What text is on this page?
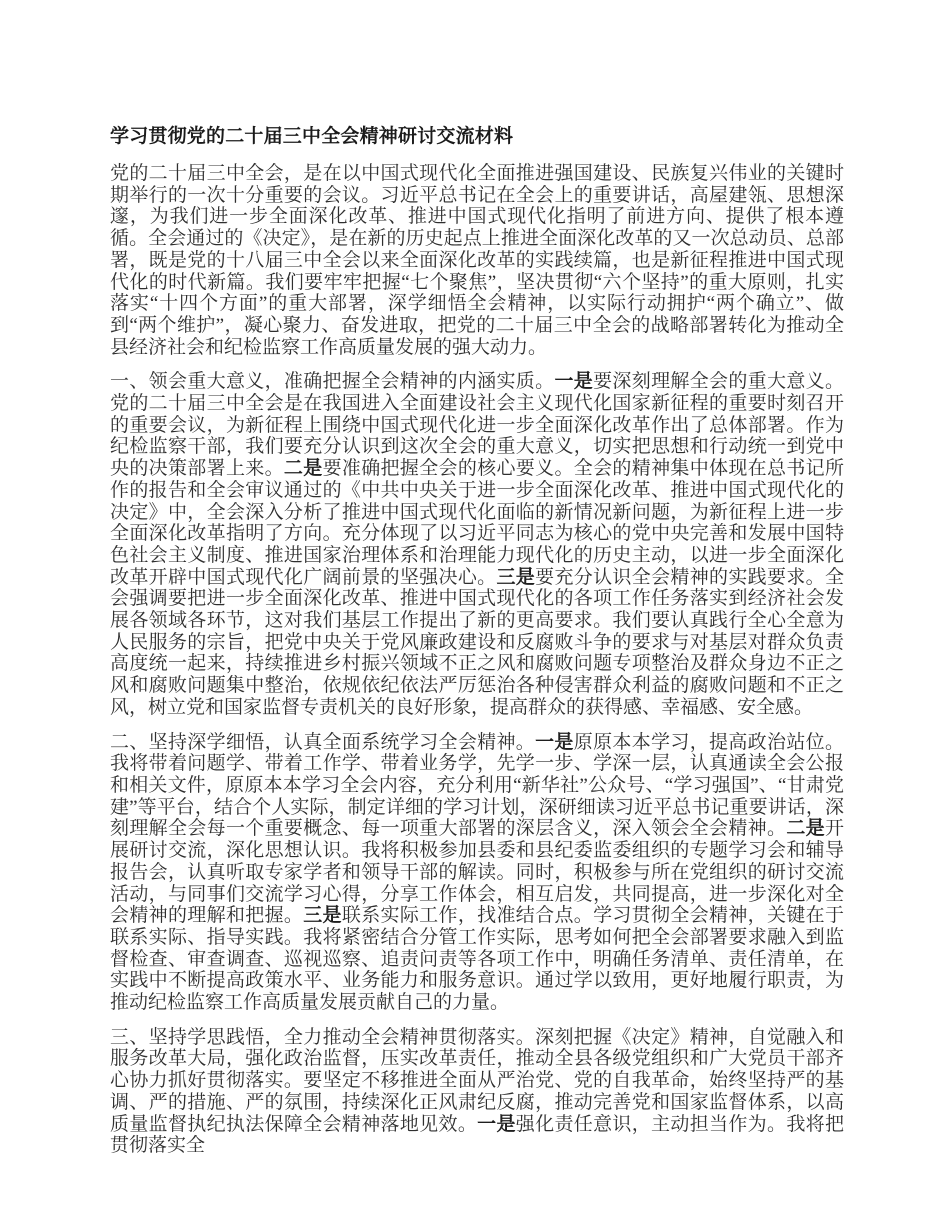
学习贯彻党的二十届三中全会精神研讨交流材料

党的二十届三中全会，是在以中国式现代化全面推进强国建设、民族复兴伟业的关键时期举行的一次十分重要的会议。习近平总书记在全会上的重要讲话，高屋建瓴、思想深邃，为我们进一步全面深化改革、推进中国式现代化指明了前进方向、提供了根本遵循。全会通过的《决定》，是在新的历史起点上推进全面深化改革的又一次总动员、总部署，既是党的十八届三中全会以来全面深化改革的实践续篇，也是新征程推进中国式现代化的时代新篇。我们要牢牢把握“七个聚焦”，坚决贯彻“六个坚持”的重大原则，扎实落实“十四个方面”的重大部署，深学细悟全会精神，以实际行动拥护“两个确立”、做到“两个维护”，凝心聚力、奋发进取，把党的二十届三中全会的战略部署转化为推动全县经济社会和纪检监察工作高质量发展的强大动力。

一、领会重大意义，准确把握全会精神的内涵实质。一是要深刻理解全会的重大意义。党的二十届三中全会是在我国进入全面建设社会主义现代化国家新征程的重要时刻召开的重要会议，为新征程上围绕中国式现代化进一步全面深化改革作出了总体部署。作为纪检监察干部，我们要充分认识到这次全会的重大意义，切实把思想和行动统一到党中央的决策部署上来。二是要准确把握全会的核心要义。全会的精神集中体现在总书记所作的报告和全会审议通过的《中共中央关于进一步全面深化改革、推进中国式现代化的决定》中，全会深入分析了推进中国式现代化面临的新情况新问题，为新征程上进一步全面深化改革指明了方向。充分体现了以习近平同志为核心的党中央完善和发展中国特色社会主义制度、推进国家治理体系和治理能力现代化的历史主动，以进一步全面深化改革开辟中国式现代化广阔前景的坚强决心。三是要充分认识全会精神的实践要求。全会强调要把进一步全面深化改革、推进中国式现代化的各项工作任务落实到经济社会发展各领域各环节，这对我们基层工作提出了新的更高要求。我们要认真践行全心全意为人民服务的宗旨，把党中央关于党风廉政建设和反腐败斗争的要求与对基层对群众负责高度统一起来，持续推进乡村振兴领域不正之风和腐败问题专项整治及群众身边不正之风和腐败问题集中整治，依规依纪依法严厉惩治各种侵害群众利益的腐败问题和不正之风，树立党和国家监督专责机关的良好形象，提高群众的获得感、幸福感、安全感。

二、坚持深学细悟，认真全面系统学习全会精神。一是原原本本学习，提高政治站位。我将带着问题学、带着工作学、带着业务学，先学一步、学深一层，认真通读全会公报和相关文件，原原本本学习全会内容，充分利用“新华社”公众号、“学习强国”、“甘肃党建”等平台，结合个人实际，制定详细的学习计划，深研细读习近平总书记重要讲话，深刻理解全会每一个重要概念、每一项重大部署的深层含义，深入领会全会精神。二是开展研讨交流，深化思想认识。我将积极参加县委和县纪委监委组织的专题学习会和辅导报告会，认真听取专家学者和领导干部的解读。同时，积极参与所在党组织的研讨交流活动，与同事们交流学习心得，分享工作体会，相互启发，共同提高，进一步深化对全会精神的理解和把握。三是联系实际工作，找准结合点。学习贯彻全会精神，关键在于联系实际、指导实践。我将紧密结合分管工作实际，思考如何把全会部署要求融入到监督检查、审查调查、巡视巡察、追责问责等各项工作中，明确任务清单、责任清单，在实践中不断提高政策水平、业务能力和服务意识。通过学以致用，更好地履行职责，为推动纪检监察工作高质量发展贡献自己的力量。

三、坚持学思践悟，全力推动全会精神贯彻落实。深刻把握《决定》精神，自觉融入和服务改革大局，强化政治监督，压实改革责任，推动全县各级党组织和广大党员干部齐心协力抓好贯彻落实。要坚定不移推进全面从严治党、党的自我革命，始终坚持严的基调、严的措施、严的氛围，持续深化正风肃纪反腐，推动完善党和国家监督体系，以高质量监督执纪执法保障全会精神落地见效。一是强化责任意识，主动担当作为。我将把贯彻落实全
